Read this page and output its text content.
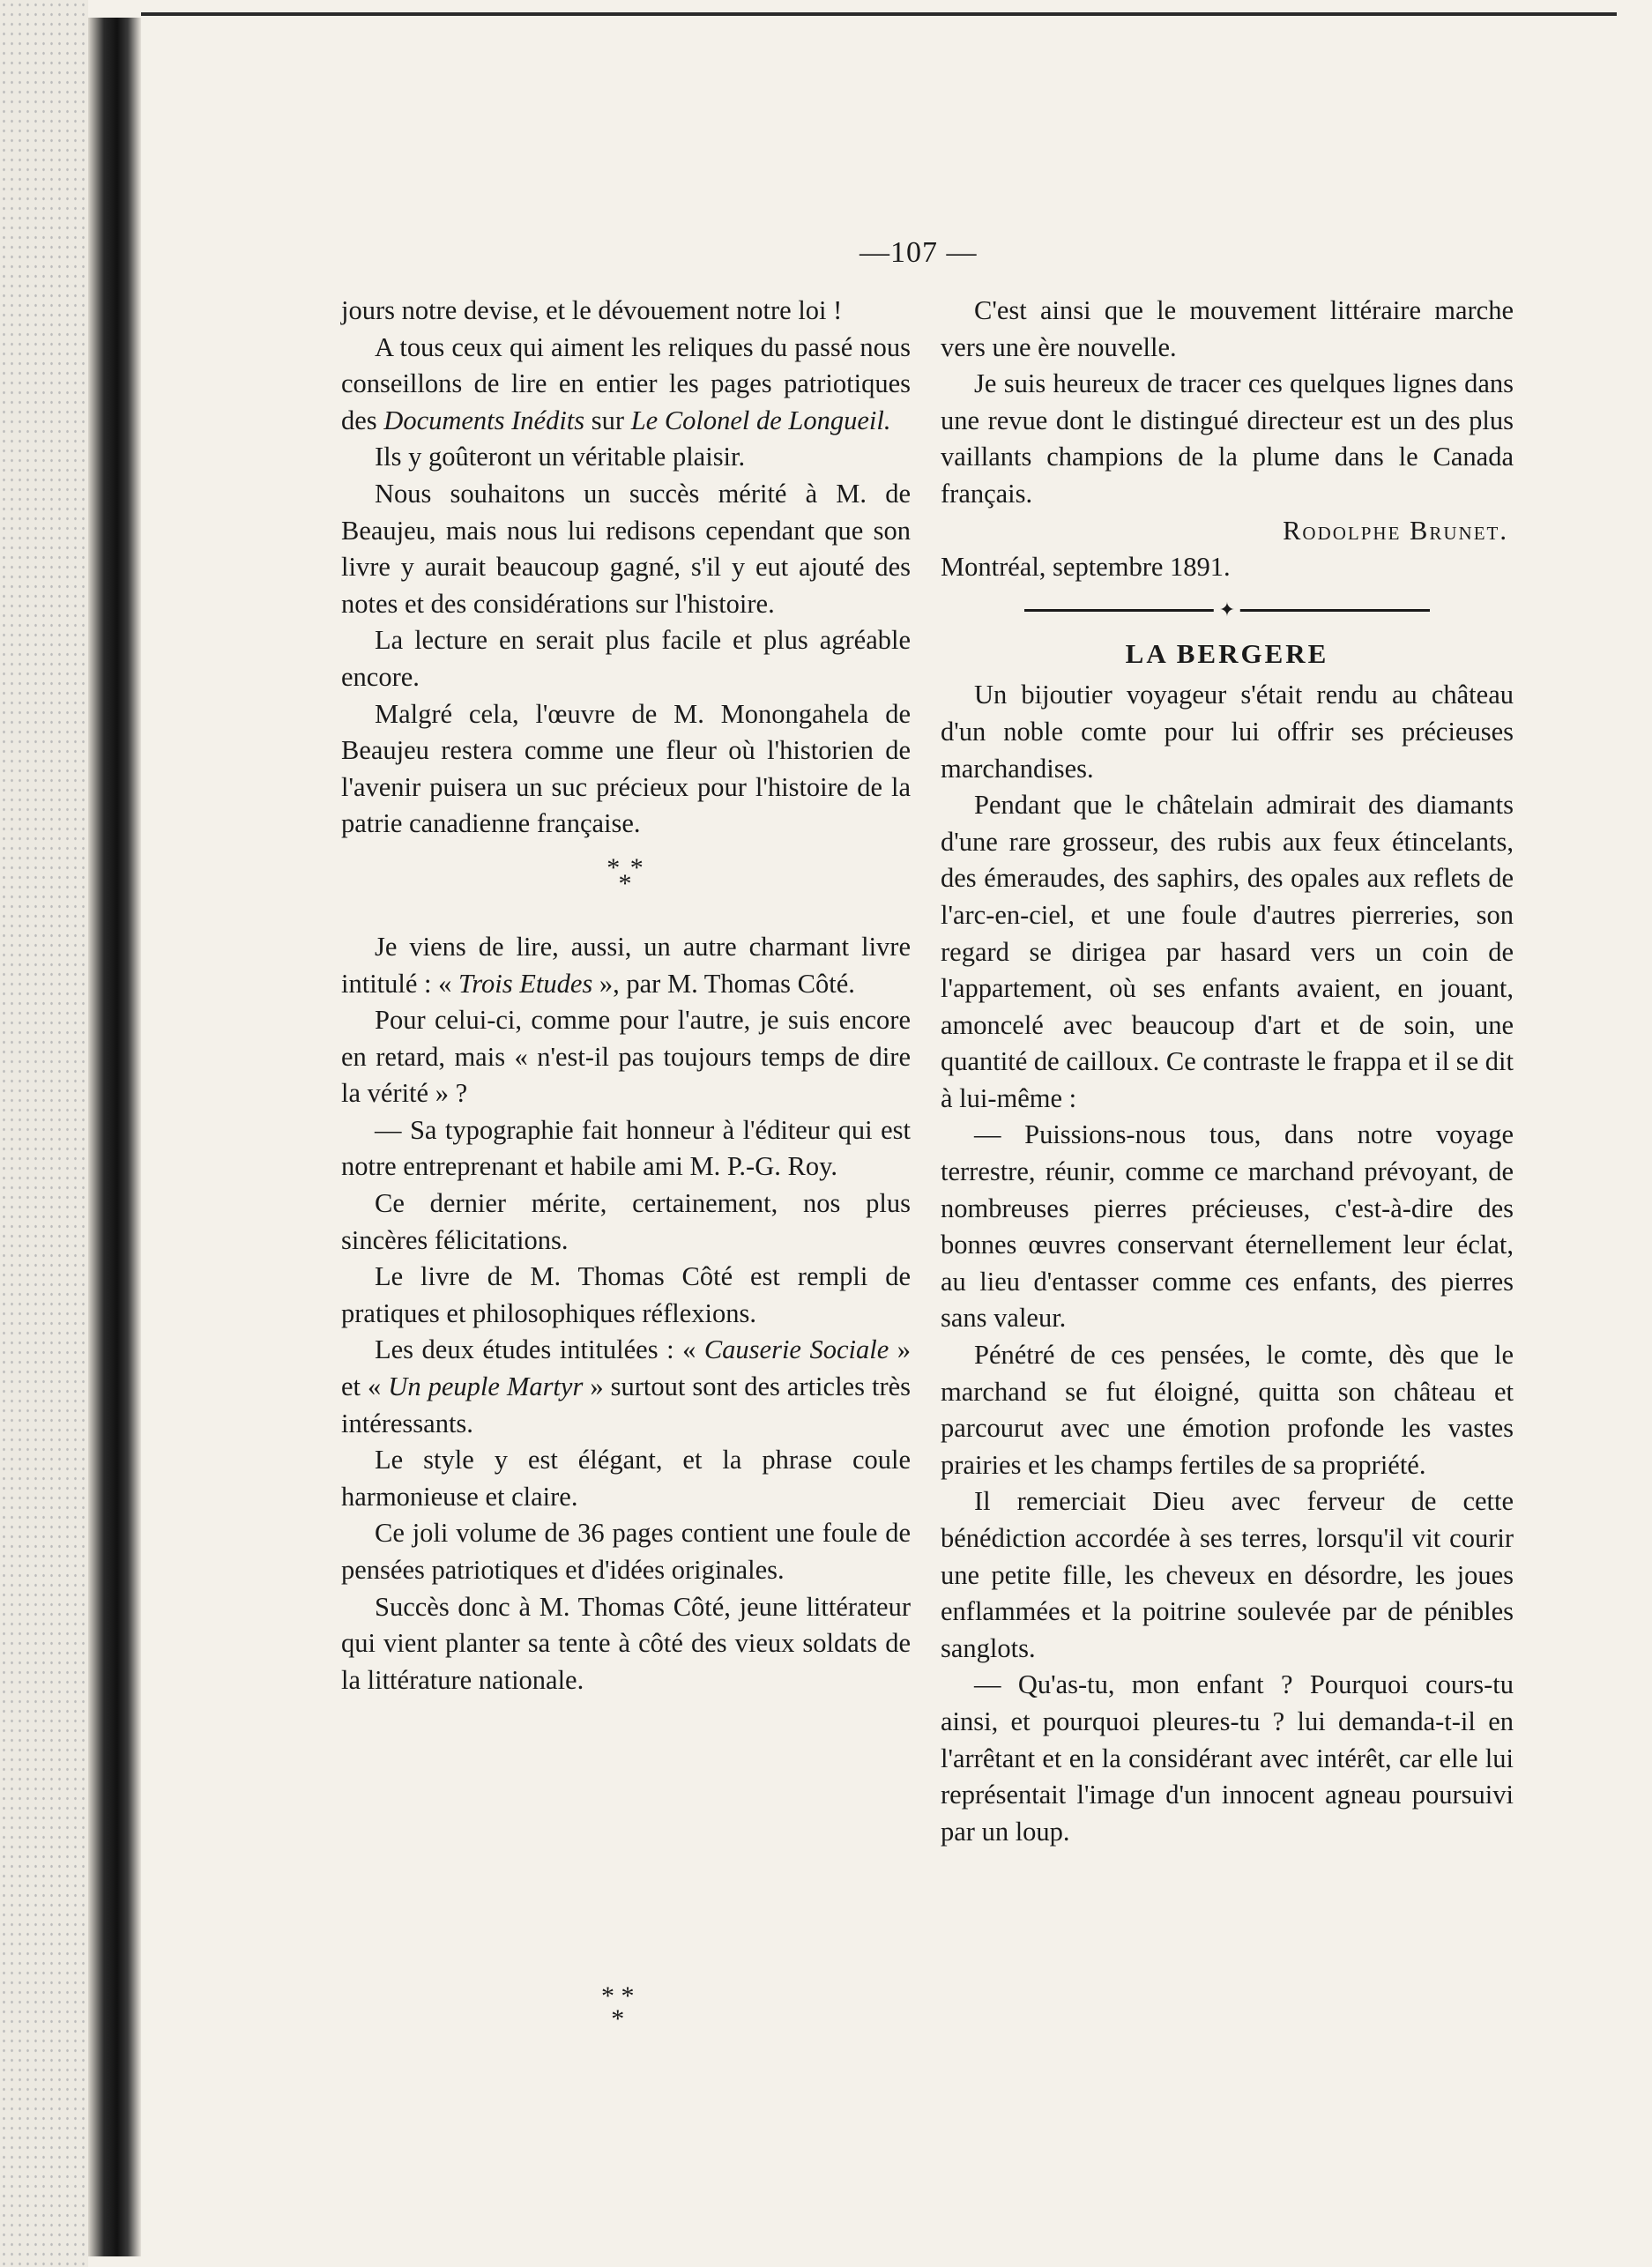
—107 —

jours notre devise, et le dévouement notre loi !

A tous ceux qui aiment les reliques du passé nous conseillons de lire en entier les pages patriotiques des Documents Inédits sur Le Colonel de Longueil.

Ils y goûteront un véritable plaisir.

Nous souhaitons un succès mérité à M. de Beaujeu, mais nous lui redisons cependant que son livre y aurait beaucoup gagné, s'il y eut ajouté des notes et des considérations sur l'histoire.

La lecture en serait plus facile et plus agréable encore.

Malgré cela, l'œuvre de M. Monongahela de Beaujeu restera comme une fleur où l'historien de l'avenir puisera un suc précieux pour l'histoire de la patrie canadienne française.

* *
*

Je viens de lire, aussi, un autre charmant livre intitulé : « Trois Etudes », par M. Thomas Côté.

Pour celui-ci, comme pour l'autre, je suis encore en retard, mais « n'est-il pas toujours temps de dire la vérité » ?

— Sa typographie fait honneur à l'éditeur qui est notre entreprenant et habile ami M. P.-G. Roy.

Ce dernier mérite, certainement, nos plus sincères félicitations.

Le livre de M. Thomas Côté est rempli de pratiques et philosophiques réflexions.

Les deux études intitulées : « Causerie Sociale » et « Un peuple Martyr » surtout sont des articles très intéressants.

Le style y est élégant, et la phrase coule harmonieuse et claire.

Ce joli volume de 36 pages contient une foule de pensées patriotiques et d'idées originales.

Succès donc à M. Thomas Côté, jeune littérateur qui vient planter sa tente à côté des vieux soldats de la littérature nationale.

* *
*

C'est ainsi que le mouvement littéraire marche vers une ère nouvelle.

Je suis heureux de tracer ces quelques lignes dans une revue dont le distingué directeur est un des plus vaillants champions de la plume dans le Canada français.

Rodolphe Brunet.

Montréal, septembre 1891.

✦
LA BERGERE

Un bijoutier voyageur s'était rendu au château d'un noble comte pour lui offrir ses précieuses marchandises.

Pendant que le châtelain admirait des diamants d'une rare grosseur, des rubis aux feux étincelants, des émeraudes, des saphirs, des opales aux reflets de l'arc-en-ciel, et une foule d'autres pierreries, son regard se dirigea par hasard vers un coin de l'appartement, où ses enfants avaient, en jouant, amoncelé avec beaucoup d'art et de soin, une quantité de cailloux. Ce contraste le frappa et il se dit à lui-même :

— Puissions-nous tous, dans notre voyage terrestre, réunir, comme ce marchand prévoyant, de nombreuses pierres précieuses, c'est-à-dire des bonnes œuvres conservant éternellement leur éclat, au lieu d'entasser comme ces enfants, des pierres sans valeur.

Pénétré de ces pensées, le comte, dès que le marchand se fut éloigné, quitta son château et parcourut avec une émotion profonde les vastes prairies et les champs fertiles de sa propriété.

Il remerciait Dieu avec ferveur de cette bénédiction accordée à ses terres, lorsqu'il vit courir une petite fille, les cheveux en désordre, les joues enflammées et la poitrine soulevée par de pénibles sanglots.

— Qu'as-tu, mon enfant ? Pourquoi cours-tu ainsi, et pourquoi pleures-tu ? lui demanda-t-il en l'arrêtant et en la considérant avec intérêt, car elle lui représentait l'image d'un innocent agneau poursuivi par un loup.
